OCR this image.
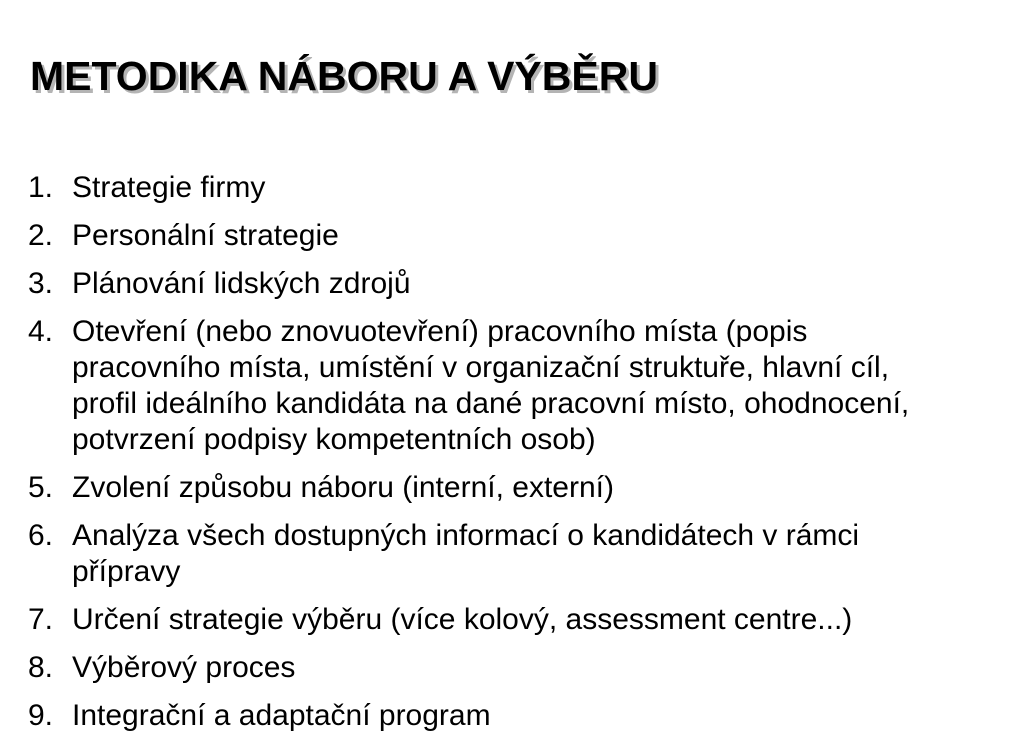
METODIKA NÁBORU A VÝBĚRU
1. Strategie firmy
2. Personální strategie
3. Plánování lidských zdrojů
4. Otevření (nebo znovuotevření) pracovního místa (popis
pracovního místa, umístění v organizační struktuře, hlavní cíl,
profil ideálního kandidáta na dané pracovní místo, ohodnocení,
potvrzení podpisy kompetentních osob)
5. Zvolení způsobu náboru (interní, externí)
6. Analýza všech dostupných informací o kandidátech v rámci
přípravy
7. Určení strategie výběru (více kolový, assessment centre...)
8. Výběrový proces
9. Integrační a adaptační program
